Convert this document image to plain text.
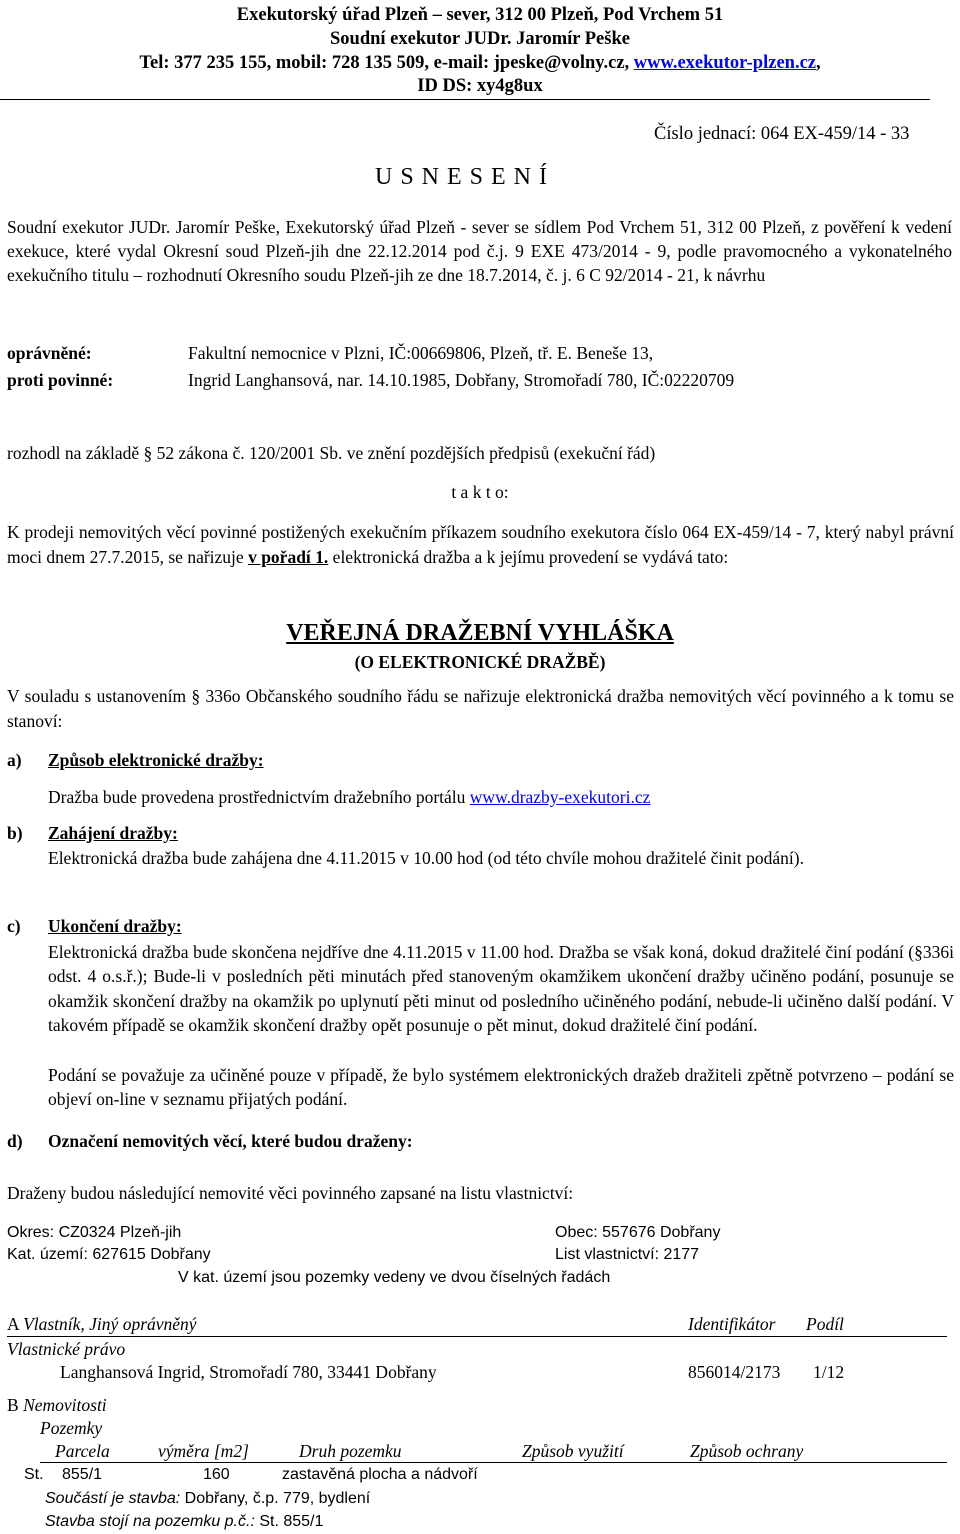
Exekutorský úřad Plzeň – sever, 312 00 Plzeň, Pod Vrchem 51
Soudní exekutor JUDr. Jaromír Peške
Tel: 377 235 155, mobil: 728 135 509, e-mail: jpeske@volny.cz, www.exekutor-plzen.cz,
ID DS: xy4g8ux
Číslo jednací: 064 EX-459/14 - 33
U S N E S E N Í
Soudní exekutor JUDr. Jaromír Peške, Exekutorský úřad Plzeň - sever se sídlem Pod Vrchem 51, 312 00 Plzeň, z pověření k vedení exekuce, které vydal Okresní soud Plzeň-jih dne 22.12.2014 pod č.j. 9 EXE 473/2014 - 9, podle pravomocného a vykonatelného exekučního titulu – rozhodnutí Okresního soudu Plzeň-jih ze dne 18.7.2014, č. j. 6 C 92/2014 - 21, k návrhu
oprávněné:	Fakultní nemocnice v Plzni, IČ:00669806, Plzeň, tř. E. Beneše 13,
proti povinné:	Ingrid Langhansová, nar. 14.10.1985, Dobřany, Stromořadí 780, IČ:02220709
rozhodl na základě § 52 zákona č. 120/2001 Sb. ve znění pozdějších předpisů (exekuční řád)
t a k t o:
K prodeji nemovitých věcí povinné postižených exekučním příkazem soudního exekutora číslo 064 EX-459/14 - 7, který nabyl právní moci dnem 27.7.2015, se nařizuje v pořadí 1. elektronická dražba a k jejímu provedení se vydává tato:
VEŘEJNÁ DRAŽEBNÍ VYHLÁŠKA
(O ELEKTRONICKÉ DRAŽBĚ)
V souladu s ustanovením § 336o Občanského soudního řádu se nařizuje elektronická dražba nemovitých věcí povinného a k tomu se stanoví:
a) Způsob elektronické dražby:
Dražba bude provedena prostřednictvím dražebního portálu www.drazby-exekutori.cz
b) Zahájení dražby:
Elektronická dražba bude zahájena dne 4.11.2015 v 10.00 hod (od této chvíle mohou dražitelé činit podání).
c) Ukončení dražby:
Elektronická dražba bude skončena nejdříve dne 4.11.2015 v 11.00 hod. Dražba se však koná, dokud dražitelé činí podání (§336i odst. 4 o.s.ř.); Bude-li v posledních pěti minutách před stanoveným okamžikem ukončení dražby učiněno podání, posunuje se okamžik skončení dražby na okamžik po uplynutí pěti minut od posledního učiněného podání, nebude-li učiněno další podání. V takovém případě se okamžik skončení dražby opět posunuje o pět minut, dokud dražitelé činí podání.
Podání se považuje za učiněné pouze v případě, že bylo systémem elektronických dražeb dražiteli zpětně potvrzeno – podání se objeví on-line v seznamu přijatých podání.
d) Označení nemovitých věcí, které budou draženy:
Draženy budou následující nemovité věci povinného zapsané na listu vlastnictví:
Okres: CZ0324 Plzeň-jih	Obec: 557676 Dobřany
Kat. území: 627615 Dobřany	List vlastnictví: 2177
V kat. území jsou pozemky vedeny ve dvou číselných řadách
A Vlastník, Jiný oprávněný	Identifikátor Podíl
Vlastnické právo
Langhansová Ingrid, Stromořadí 780, 33441 Dobřany	856014/2173 1/12
B Nemovitosti
Pozemky
Parcela	výměra [m2]	Druh pozemku	Způsob využití	Způsob ochrany
St. 855/1	160	zastavěná plocha a nádvoří
Součástí je stavba: Dobřany, č.p. 779, bydlení
Stavba stojí na pozemku p.č.: St. 855/1
